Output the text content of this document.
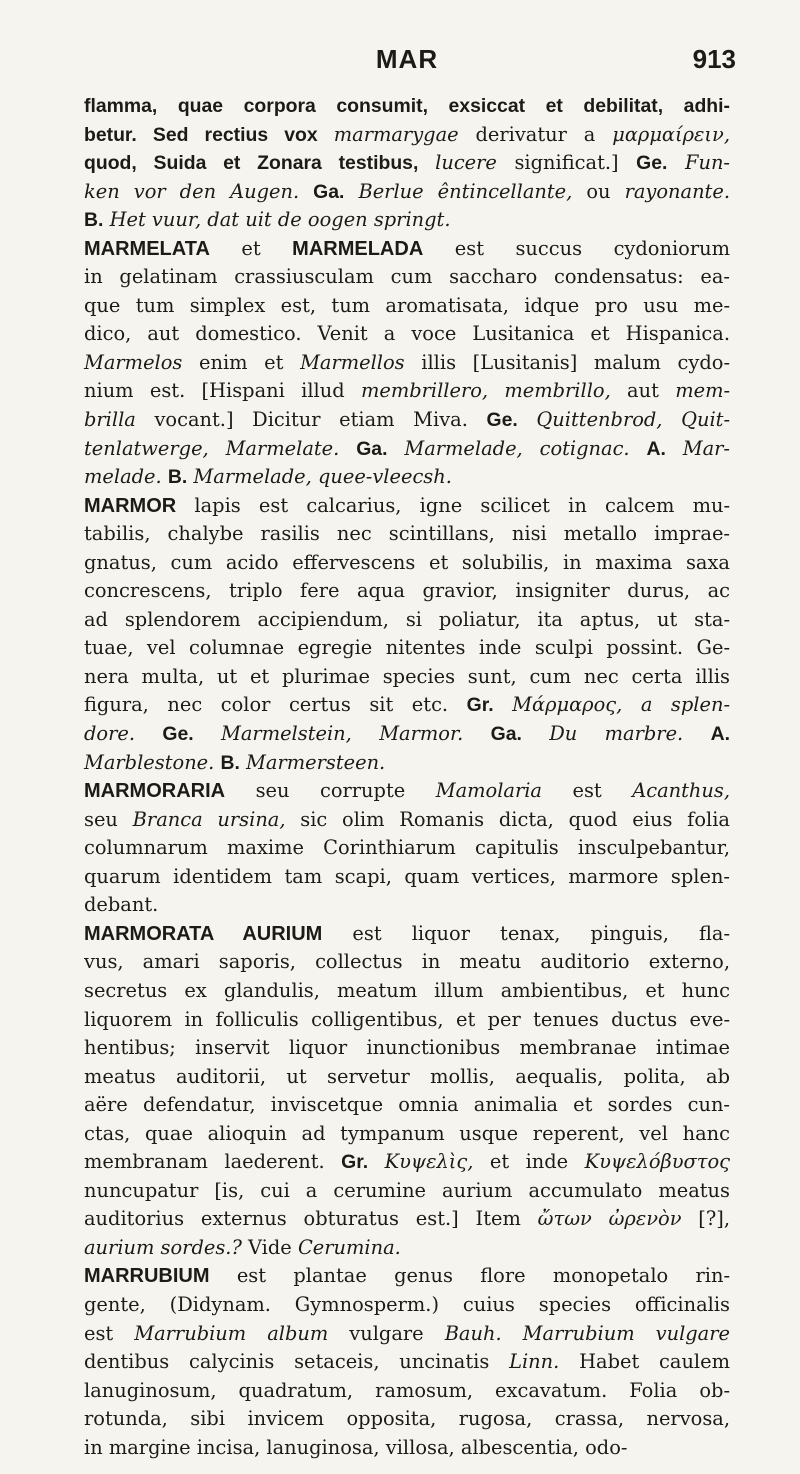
MAR	913
flamma, quae corpora consumit, exsiccat et debilitat, adhi-
betur. Sed rectius vox marmarygae derivatur a μαρμαίρειν,
quod, Suida et Zonara testibus, lucere significat.] Ge. Fun-
ken vor den Augen. Ga. Berlue êntincellante, ou rayonante.
B. Het vuur, dat uit de oogen springt.
MARMELATA et MARMELADA est succus cydoniorum
in gelatinam crassiusculam cum saccharo condensatus: ea-
que tum simplex est, tum aromatisata, idque pro usu me-
dico, aut domestico. Venit a voce Lusitanica et Hispanica.
Marmelos enim et Marmellos illis [Lusitanis] malum cydo-
nium est. [Hispani illud membrillero, membrillo, aut mem-
brilla vocant.] Dicitur etiam Miva. Ge. Quittenbrod, Quit-
tenlatwerge, Marmelate. Ga. Marmelade, cotignac. A. Mar-
melade. B. Marmelade, quee-vleecsh.
MARMOR lapis est calcarius, igne scilicet in calcem mu-
tabilis, chalybe rasilis nec scintillans, nisi metallo imprae-
gnatus, cum acido effervescens et solubilis, in maxima saxa
concrescens, triplo fere aqua gravior, insigniter durus, ac
ad splendorem accipiendum, si poliatur, ita aptus, ut sta-
tuae, vel columnae egregie nitentes inde sculpi possint. Ge-
nera multa, ut et plurimae species sunt, cum nec certa illis
figura, nec color certus sit etc. Gr. Μάρμαρος, a splen-
dore. Ge. Marmelstein, Marmor. Ga. Du marbre. A.
Marblestone. B. Marmersteen.
MARMORARIA seu corrupte Mamolaria est Acanthus,
seu Branca ursina, sic olim Romanis dicta, quod eius folia
columnarum maxime Corinthiarum capitulis insculpebantur,
quarum identidem tam scapi, quam vertices, marmore splen-
debant.
MARMORATA AURIUM est liquor tenax, pinguis, fla-
vus, amari saporis, collectus in meatu auditorio externo,
secretus ex glandulis, meatum illum ambientibus, et hunc
liquorem in folliculis colligentibus, et per tenues ductus eve-
hentibus; inservit liquor inunctionibus membranae intimae
meatus auditorii, ut servetur mollis, aequalis, polita, ab
aëre defendatur, inviscetque omnia animalia et sordes cun-
ctas, quae alioquin ad tympanum usque reperent, vel hanc
membranam laederent. Gr. Κυψελὶς, et inde Κυψελόβυστος
nuncupatur [is, cui a cerumine aurium accumulato meatus
auditorius externus obturatus est.] Item ὤτων ὠρενὸν [?],
aurium sordes.? Vide Cerumina.
MARRUBIUM est plantae genus flore monopetalo rin-
gente, (Didynam. Gymnosperm.) cuius species officinalis
est Marrubium album vulgare Bauh. Marrubium vulgare
dentibus calycinis setaceis, uncinatis Linn. Habet caulem
lanuginosum, quadratum, ramosum, excavatum. Folia ob-
rotunda, sibi invicem opposita, rugosa, crassa, nervosa,
in margine incisa, lanuginosa, villosa, albescentia, odo-
